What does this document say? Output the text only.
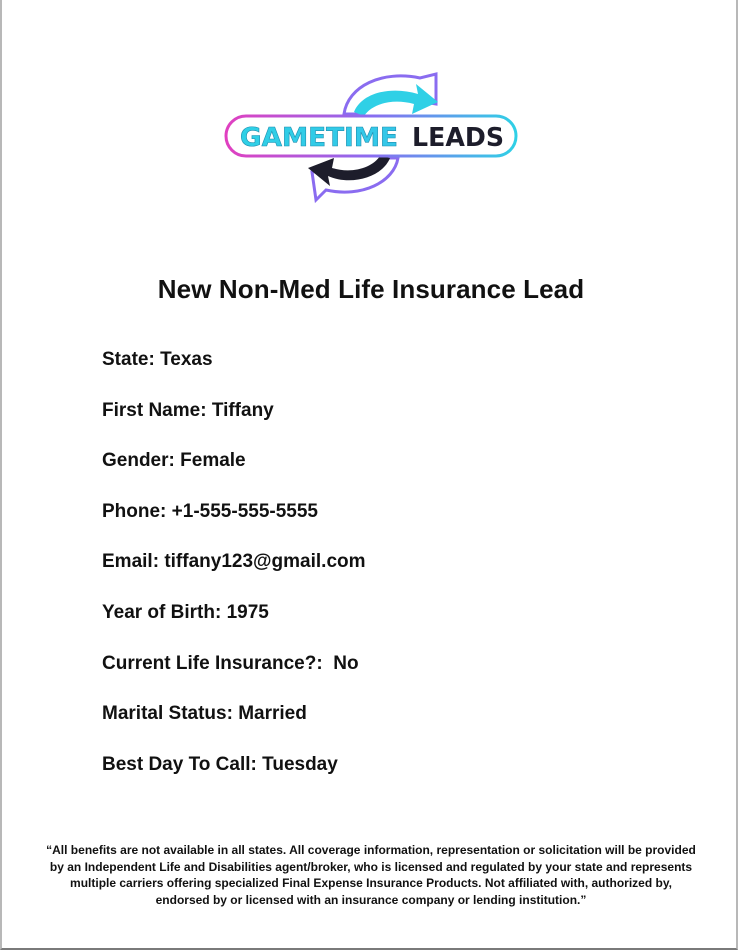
GAMETIME LEADS
New Non-Med Life Insurance Lead
State: Texas
First Name: Tiffany
Gender: Female
Phone: +1-555-555-5555
Email: tiffany123@gmail.com
Year of Birth: 1975
Current Life Insurance?:  No
Marital Status: Married
Best Day To Call: Tuesday
“All benefits are not available in all states. All coverage information, representation or solicitation will be provided by an Independent Life and Disabilities agent/broker, who is licensed and regulated by your state and represents multiple carriers offering specialized Final Expense Insurance Products. Not affiliated with, authorized by, endorsed by or licensed with an insurance company or lending institution.”
